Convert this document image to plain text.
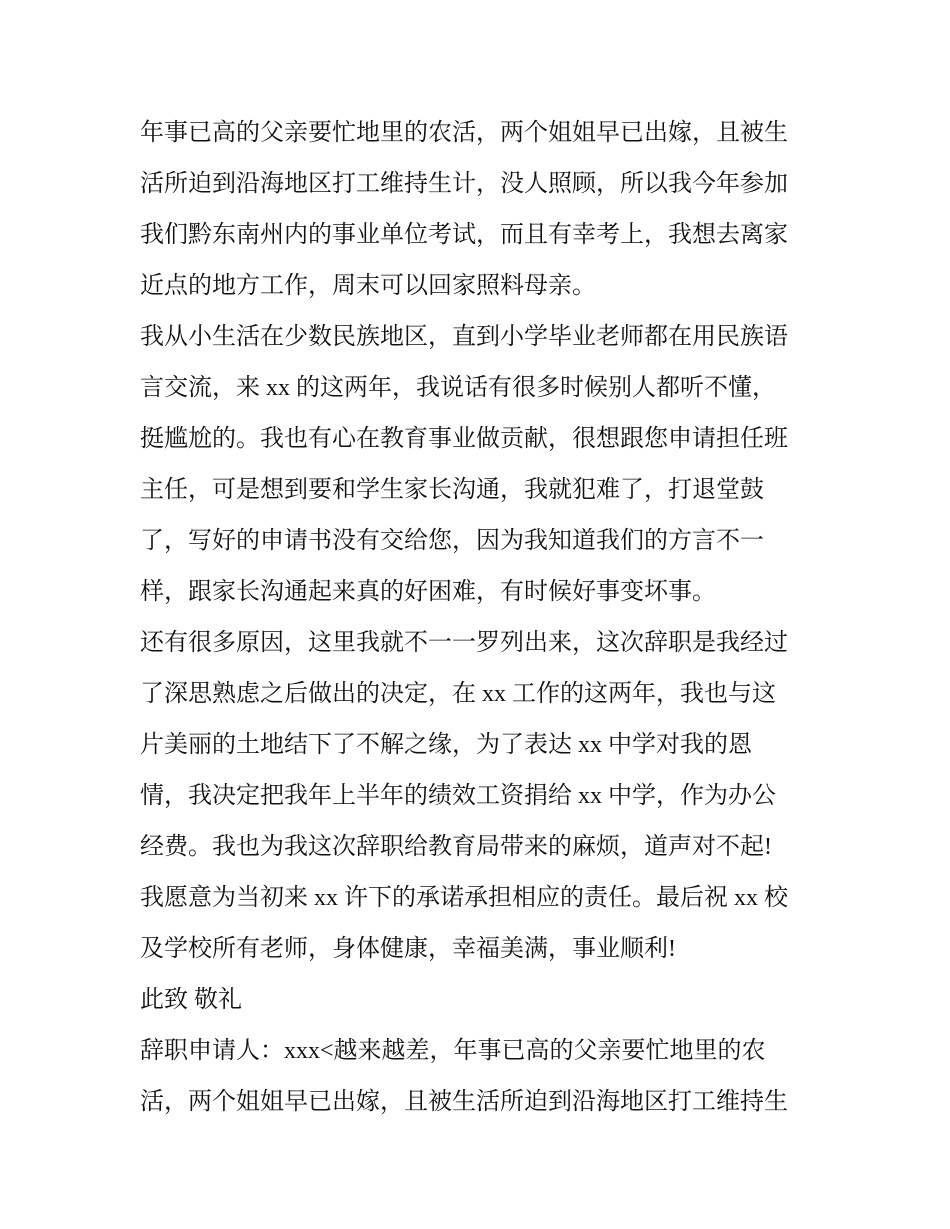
年事已高的父亲要忙地里的农活，两个姐姐早已出嫁，且被生
活所迫到沿海地区打工维持生计，没人照顾，所以我今年参加
我们黔东南州内的事业单位考试，而且有幸考上，我想去离家
近点的地方工作，周末可以回家照料母亲。
我从小生活在少数民族地区，直到小学毕业老师都在用民族语
言交流，来 xx 的这两年，我说话有很多时候别人都听不懂，
挺尴尬的。我也有心在教育事业做贡献，很想跟您申请担任班
主任，可是想到要和学生家长沟通，我就犯难了，打退堂鼓
了，写好的申请书没有交给您，因为我知道我们的方言不一
样，跟家长沟通起来真的好困难，有时候好事变坏事。
还有很多原因，这里我就不一一罗列出来，这次辞职是我经过
了深思熟虑之后做出的决定，在 xx 工作的这两年，我也与这
片美丽的土地结下了不解之缘，为了表达 xx 中学对我的恩
情，我决定把我年上半年的绩效工资捐给 xx 中学，作为办公
经费。我也为我这次辞职给教育局带来的麻烦，道声对不起!
我愿意为当初来 xx 许下的承诺承担相应的责任。最后祝 xx 校
及学校所有老师，身体健康，幸福美满，事业顺利!
此致 敬礼
辞职申请人：xxx<越来越差，年事已高的父亲要忙地里的农
活，两个姐姐早已出嫁，且被生活所迫到沿海地区打工维持生
